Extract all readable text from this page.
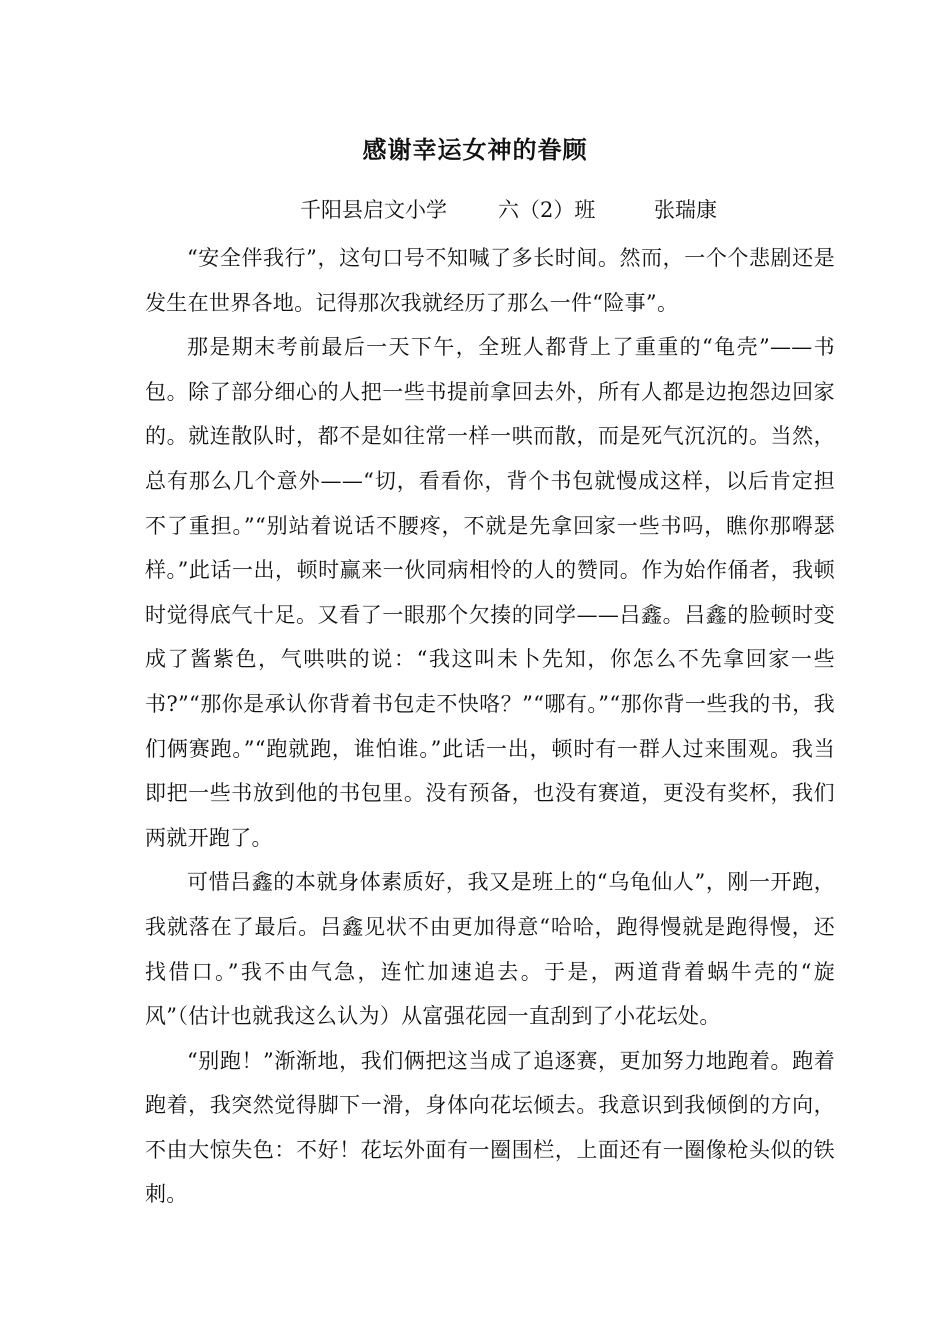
感谢幸运女神的眷顾
千阳县启文小学 六（2）班	张瑞康

“安全伴我行”，这句口号不知喊了多长时间。然而，一个个悲剧还是发生在世界各地。记得那次我就经历了那么一件“险事”。

那是期末考前最后一天下午，全班人都背上了重重的“龟壳”——书包。除了部分细心的人把一些书提前拿回去外，所有人都是边抱怨边回家的。就连散队时，都不是如往常一样一哄而散，而是死气沉沉的。当然，总有那么几个意外——“切，看看你，背个书包就慢成这样，以后肯定担不了重担。”“别站着说话不腰疼，不就是先拿回家一些书吗，瞧你那嘚瑟样。”此话一出，顿时赢来一伙同病相怜的人的赞同。作为始作俑者，我顿时觉得底气十足。又看了一眼那个欠揍的同学——吕鑫。吕鑫的脸顿时变成了酱紫色，气哄哄的说：“我这叫未卜先知，你怎么不先拿回家一些书?”“那你是承认你背着书包走不快咯？”“哪有。”“那你背一些我的书，我们俩赛跑。”“跑就跑，谁怕谁。”此话一出，顿时有一群人过来围观。我当即把一些书放到他的书包里。没有预备，也没有赛道，更没有奖杯，我们两就开跑了。

可惜吕鑫的本就身体素质好，我又是班上的“乌龟仙人”，刚一开跑，我就落在了最后。吕鑫见状不由更加得意“哈哈，跑得慢就是跑得慢，还找借口。”我不由气急，连忙加速追去。于是，两道背着蜗牛壳的“旋风”（估计也就我这么认为）从富强花园一直刮到了小花坛处。

“别跑！”渐渐地，我们俩把这当成了追逐赛，更加努力地跑着。跑着跑着，我突然觉得脚下一滑，身体向花坛倾去。我意识到我倾倒的方向，不由大惊失色：不好！花坛外面有一圈围栏，上面还有一圈像枪头似的铁刺。
